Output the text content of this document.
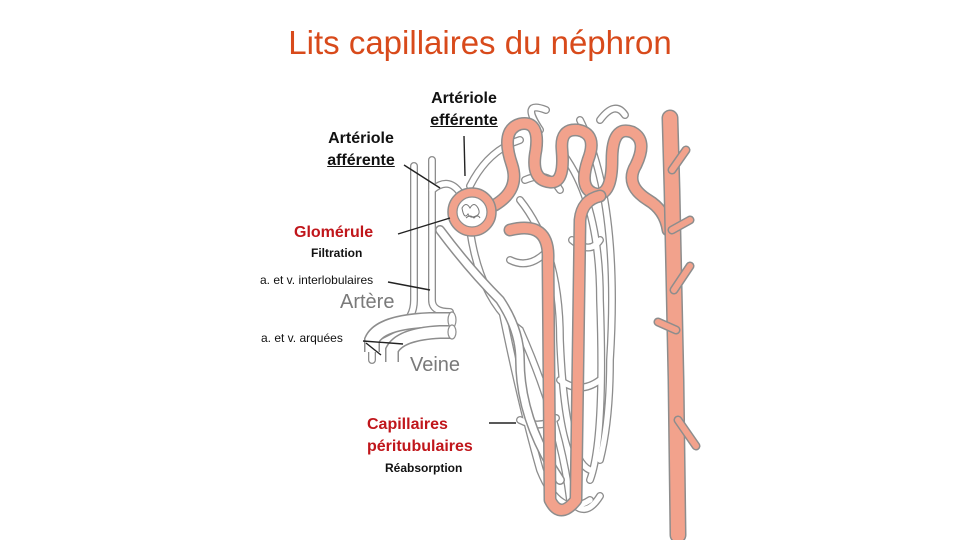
Lits capillaires du néphron
Artériole
efférente
Artériole
afférente
Glomérule
Filtration
a. et v. interlobulaires
Artère
a. et v. arquées
Veine
Capillaires
péritubulaires
Réabsorption
